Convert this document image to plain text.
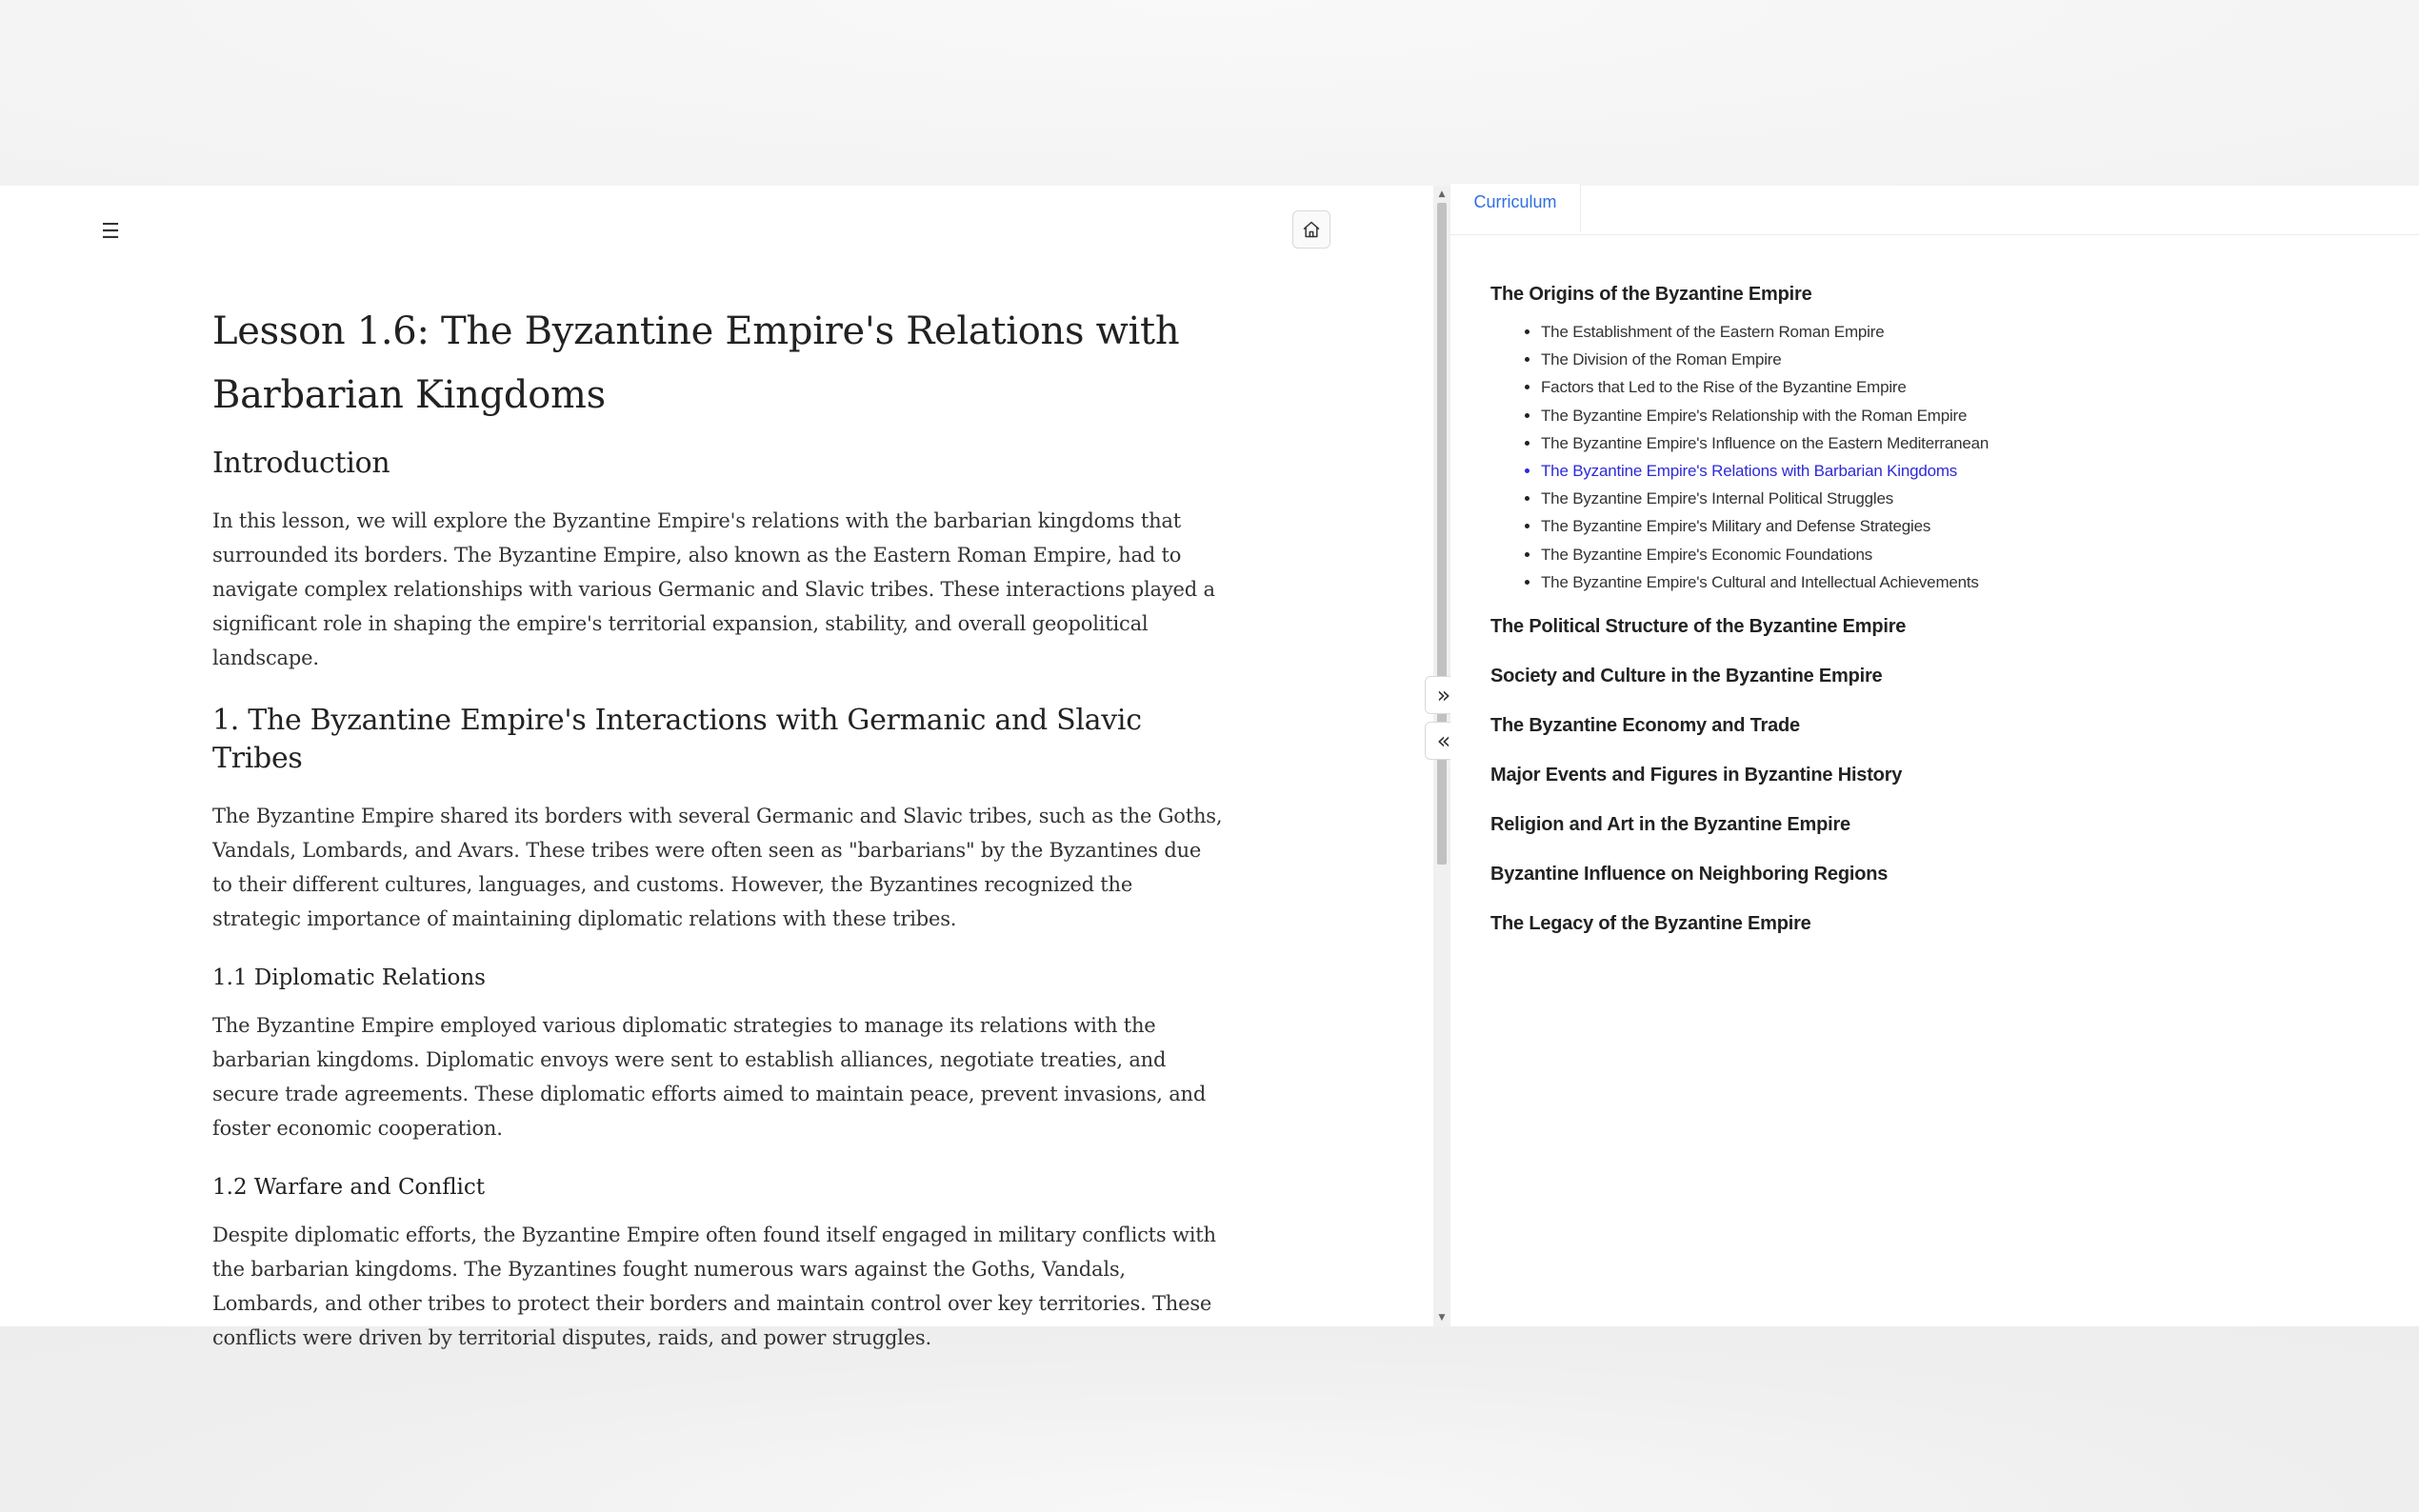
☰
Lesson 1.6: The Byzantine Empire's Relations with Barbarian Kingdoms
Introduction

In this lesson, we will explore the Byzantine Empire's relations with the barbarian kingdoms that surrounded its borders. The Byzantine Empire, also known as the Eastern Roman Empire, had to navigate complex relationships with various Germanic and Slavic tribes. These interactions played a significant role in shaping the empire's territorial expansion, stability, and overall geopolitical landscape.

1. The Byzantine Empire's Interactions with Germanic and Slavic Tribes

The Byzantine Empire shared its borders with several Germanic and Slavic tribes, such as the Goths, Vandals, Lombards, and Avars. These tribes were often seen as "barbarians" by the Byzantines due to their different cultures, languages, and customs. However, the Byzantines recognized the strategic importance of maintaining diplomatic relations with these tribes.

1.1 Diplomatic Relations

The Byzantine Empire employed various diplomatic strategies to manage its relations with the barbarian kingdoms. Diplomatic envoys were sent to establish alliances, negotiate treaties, and secure trade agreements. These diplomatic efforts aimed to maintain peace, prevent invasions, and foster economic cooperation.

1.2 Warfare and Conflict

Despite diplomatic efforts, the Byzantine Empire often found itself engaged in military conflicts with the barbarian kingdoms. The Byzantines fought numerous wars against the Goths, Vandals, Lombards, and other tribes to protect their borders and maintain control over key territories. These conflicts were driven by territorial disputes, raids, and power struggles.

▲
▼
»
«
Curriculum
The Origins of the Byzantine Empire
• The Establishment of the Eastern Roman Empire
• The Division of the Roman Empire
• Factors that Led to the Rise of the Byzantine Empire
• The Byzantine Empire's Relationship with the Roman Empire
• The Byzantine Empire's Influence on the Eastern Mediterranean
• The Byzantine Empire's Relations with Barbarian Kingdoms
• The Byzantine Empire's Internal Political Struggles
• The Byzantine Empire's Military and Defense Strategies
• The Byzantine Empire's Economic Foundations
• The Byzantine Empire's Cultural and Intellectual Achievements
The Political Structure of the Byzantine Empire
Society and Culture in the Byzantine Empire
The Byzantine Economy and Trade
Major Events and Figures in Byzantine History
Religion and Art in the Byzantine Empire
Byzantine Influence on Neighboring Regions
The Legacy of the Byzantine Empire
